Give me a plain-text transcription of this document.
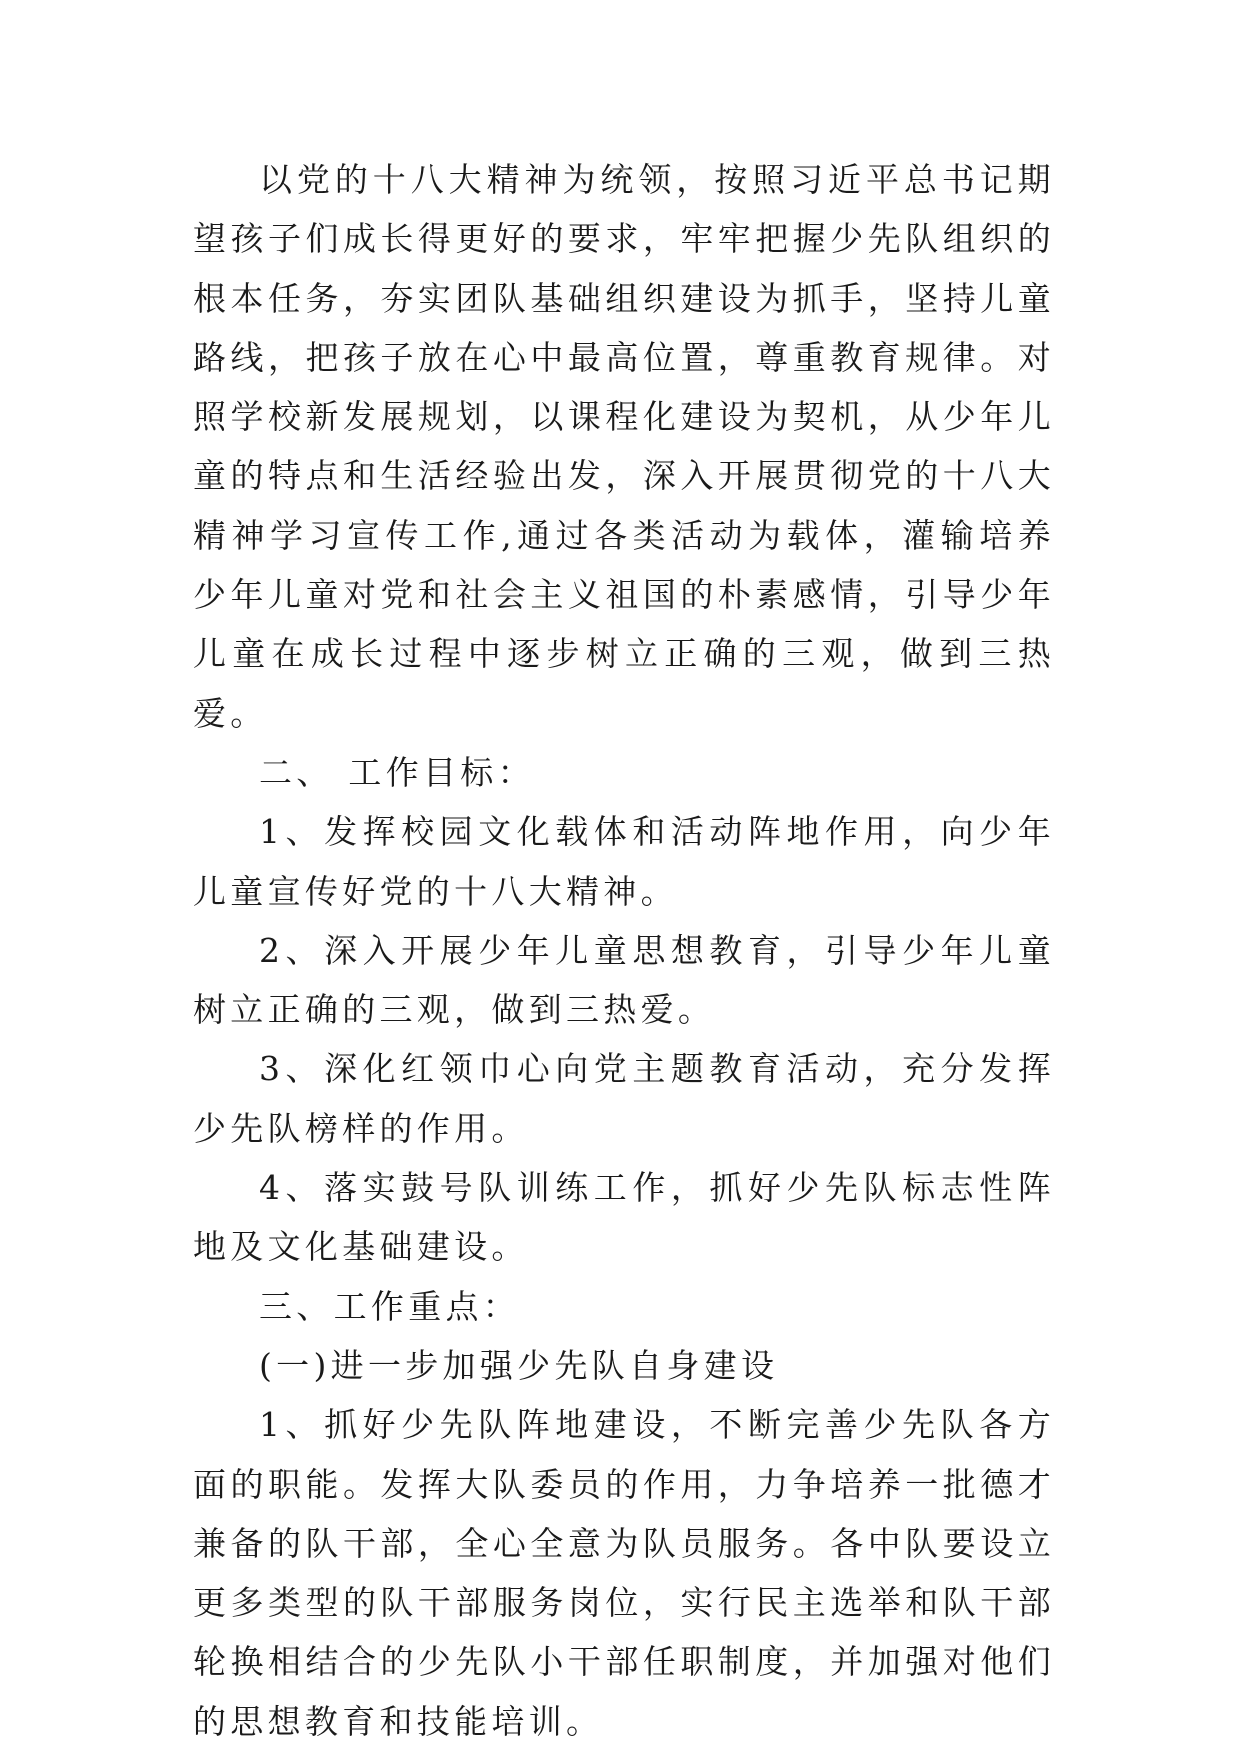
以党的十八大精神为统领，按照习近平总书记期望孩子们成长得更好的要求，牢牢把握少先队组织的根本任务，夯实团队基础组织建设为抓手，坚持儿童路线，把孩子放在心中最高位置，尊重教育规律。对照学校新发展规划，以课程化建设为契机，从少年儿童的特点和生活经验出发，深入开展贯彻党的十八大精神学习宣传工作,通过各类活动为载体，灌输培养少年儿童对党和社会主义祖国的朴素感情，引导少年儿童在成长过程中逐步树立正确的三观，做到三热爱。

二、 工作目标：

1、发挥校园文化载体和活动阵地作用，向少年儿童宣传好党的十八大精神。

2、深入开展少年儿童思想教育，引导少年儿童树立正确的三观，做到三热爱。

3、深化红领巾心向党主题教育活动，充分发挥少先队榜样的作用。

4、落实鼓号队训练工作，抓好少先队标志性阵地及文化基础建设。

三、工作重点：

(一)进一步加强少先队自身建设

1、抓好少先队阵地建设，不断完善少先队各方面的职能。发挥大队委员的作用，力争培养一批德才兼备的队干部，全心全意为队员服务。各中队要设立更多类型的队干部服务岗位，实行民主选举和队干部轮换相结合的少先队小干部任职制度，并加强对他们的思想教育和技能培训。
